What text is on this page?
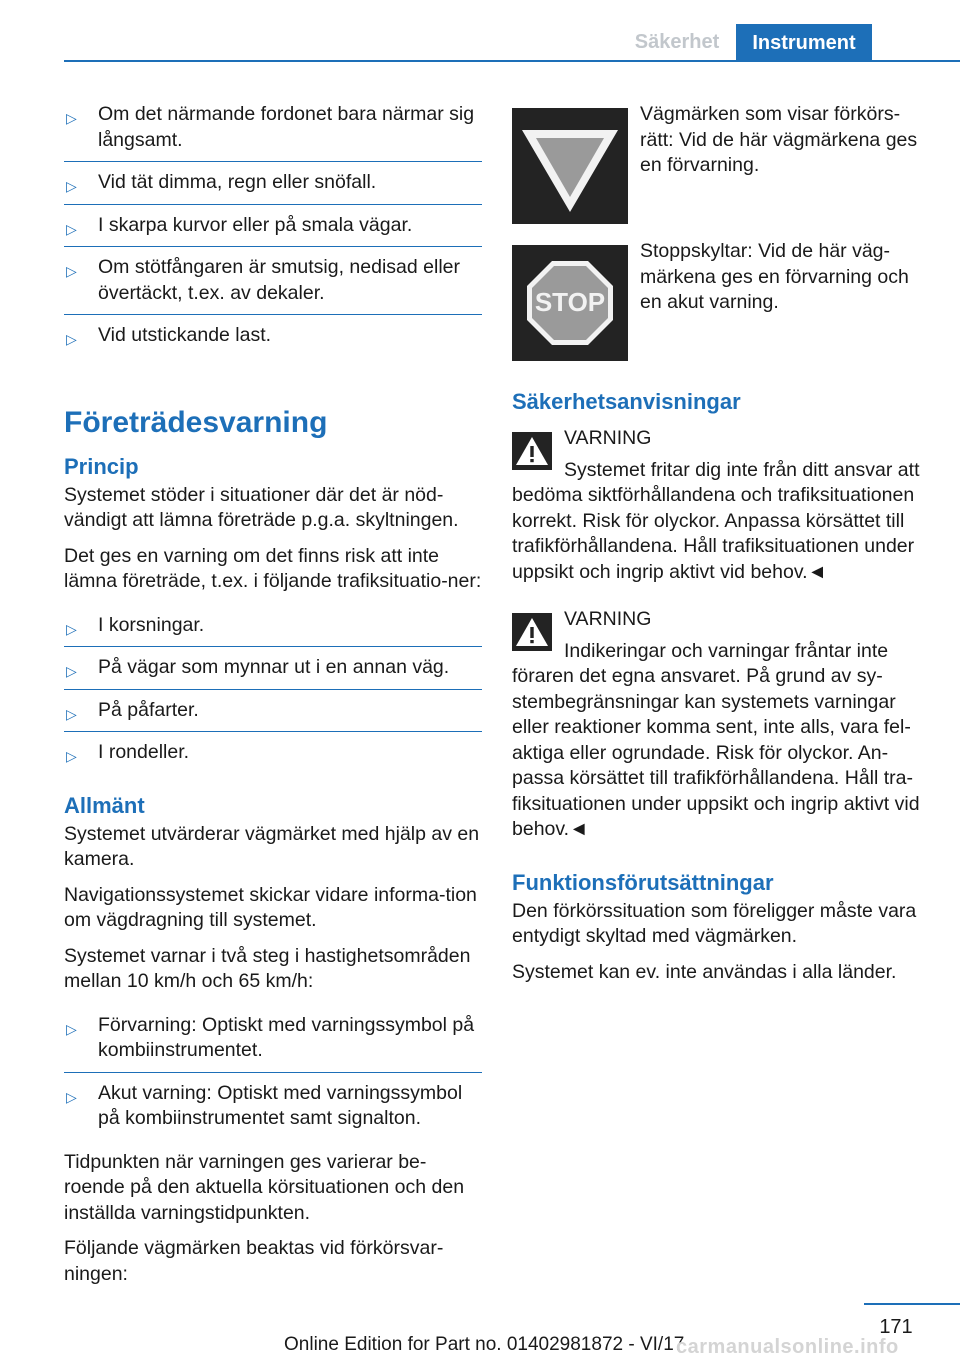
Säkerhet	Instrument
▷ Om det närmande fordonet bara närmar sig långsamt.
▷ Vid tät dimma, regn eller snöfall.
▷ I skarpa kurvor eller på smala vägar.
▷ Om stötfångaren är smutsig, nedisad eller övertäckt, t.ex. av dekaler.
▷ Vid utstickande last.
Företrädesvarning
Princip

Systemet stöder i situationer där det är nöd-vändigt att lämna företräde p.g.a. skyltningen.

Det ges en varning om det finns risk att inte lämna företräde, t.ex. i följande trafiksituatio-ner:

▷ I korsningar.
▷ På vägar som mynnar ut i en annan väg.
▷ På påfarter.
▷ I rondeller.
Allmänt

Systemet utvärderar vägmärket med hjälp av en kamera.

Navigationssystemet skickar vidare informa-tion om vägdragning till systemet.

Systemet varnar i två steg i hastighetsområden mellan 10 km/h och 65 km/h:

▷ Förvarning: Optiskt med varningssymbol på kombiinstrumentet.
▷ Akut varning: Optiskt med varningssymbol på kombiinstrumentet samt signalton.

Tidpunkten när varningen ges varierar be-roende på den aktuella körsituationen och den inställda varningstidpunkten.

Följande vägmärken beaktas vid förkörsvar-ningen:

Vägmärken som visar förkörs-rätt: Vid de här vägmärkena ges en förvarning.
STOP
Stoppskyltar: Vid de här väg-märkena ges en förvarning och en akut varning.
Säkerhetsanvisningar
VARNING
Systemet fritar dig inte från ditt ansvar att bedöma siktförhållandena och trafiksituationen korrekt. Risk för olyckor. Anpassa körsättet till trafikförhållandena. Håll trafiksituationen under uppsikt och ingrip aktivt vid behov.◄
VARNING
Indikeringar och varningar fråntar inte föraren det egna ansvaret. På grund av sy-stembegränsningar kan systemets varningar eller reaktioner komma sent, inte alls, vara fel-aktiga eller ogrundade. Risk för olyckor. An-passa körsättet till trafikförhållandena. Håll tra-fiksituationen under uppsikt och ingrip aktivt vid behov.◄
Funktionsförutsättningar

Den förkörssituation som föreligger måste vara entydigt skyltad med vägmärken.

Systemet kan ev. inte användas i alla länder.

171
Online Edition for Part no. 01402981872 - VI/17
carmanualsonline.info
